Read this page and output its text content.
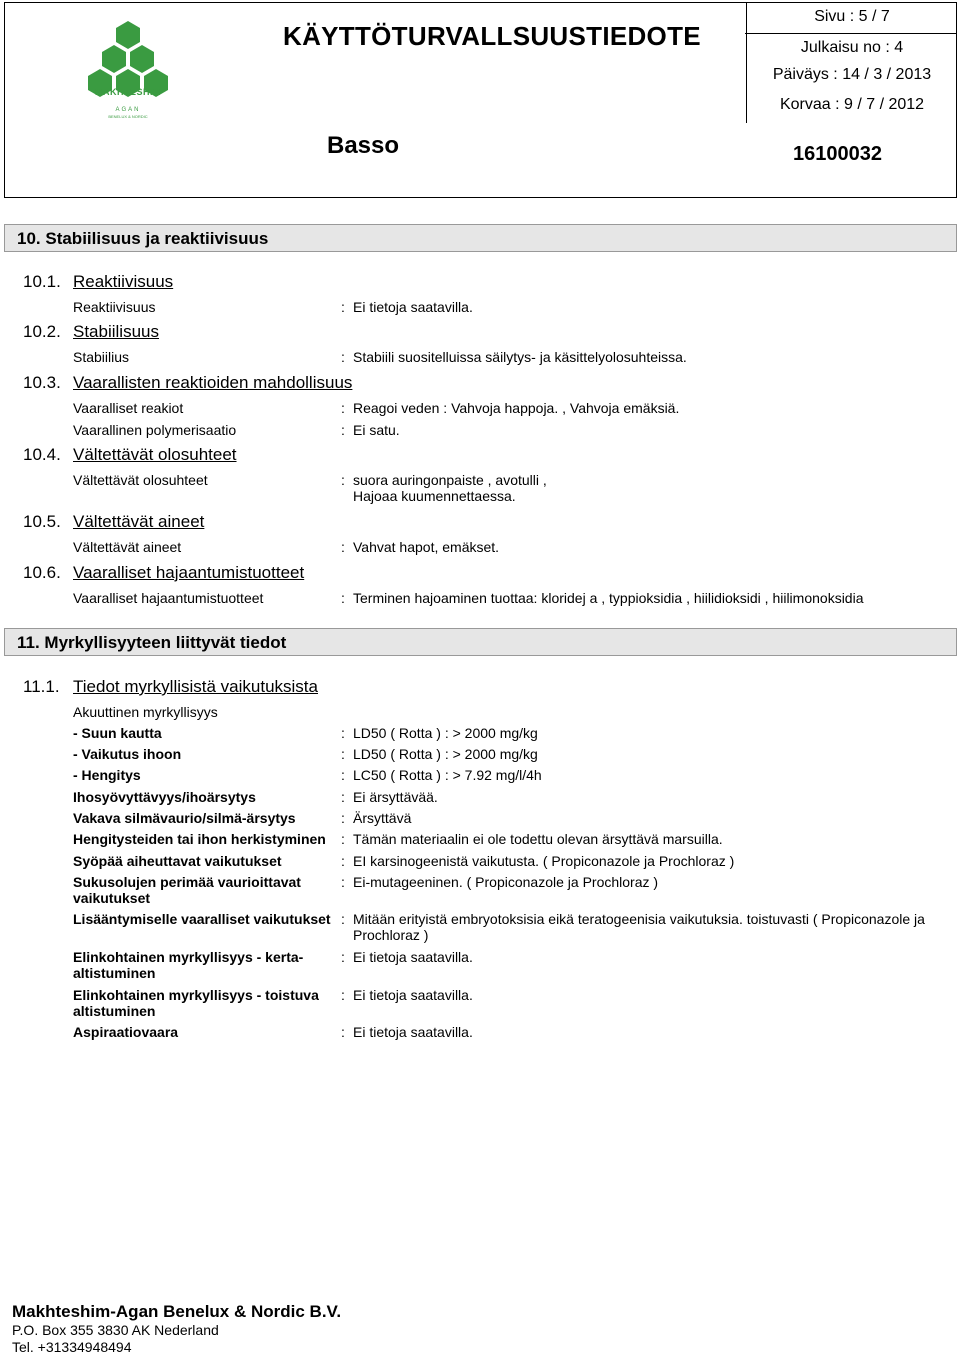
MAKHTESHIM
AGAN
BENELUX & NORDIC
KÄYTTÖTURVALLSUUSTIEDOTE
Basso	16100032
Sivu : 5 / 7
Julkaisu no : 4
Päiväys : 14 / 3 / 2013
Korvaa : 9 / 7 / 2012
10. Stabiilisuus ja reaktiivisuus
10.1. Reaktiivisuus
Reaktiivisuus	: Ei tietoja saatavilla.
10.2. Stabiilisuus
Stabiilius	: Stabiili suositelluissa säilytys- ja käsittelyolosuhteissa.
10.3. Vaarallisten reaktioiden mahdollisuus
Vaaralliset reakiot	: Reagoi veden : Vahvoja happoja. , Vahvoja emäksiä.
Vaarallinen polymerisaatio	: Ei satu.
10.4. Vältettävät olosuhteet
Vältettävät olosuhteet	: suora auringonpaiste , avotulli ,
Hajoaa kuumennettaessa.
10.5. Vältettävät aineet
Vältettävät aineet	: Vahvat hapot, emäkset.
10.6. Vaaralliset hajaantumistuotteet
Vaaralliset hajaantumistuotteet	: Terminen hajoaminen tuottaa: kloridej a , typpioksidia , hiilidioksidi , hiilimonoksidia
11. Myrkyllisyyteen liittyvät tiedot
11.1. Tiedot myrkyllisistä vaikutuksista
Akuuttinen myrkyllisyys
- Suun kautta	: LD50 ( Rotta ) : > 2000 mg/kg
- Vaikutus ihoon	: LD50 ( Rotta ) : > 2000 mg/kg
- Hengitys	: LC50 ( Rotta ) : > 7.92 mg/l/4h
Ihosyövyttävyys/ihoärsytys	: Ei ärsyttävää.
Vakava silmävaurio/silmä-ärsytys	: Ärsyttävä
Hengitysteiden tai ihon herkistyminen : Tämän materiaalin ei ole todettu olevan ärsyttävä marsuilla.
Syöpää aiheuttavat vaikutukset	: EI karsinogeenistä vaikutusta. ( Propiconazole ja Prochloraz )
Sukusolujen perimää vaurioittavat
vaikutukset
: Ei-mutageeninen. ( Propiconazole ja Prochloraz )
Lisääntymiselle vaaralliset vaikutukset : Mitään erityistä embryotoksisia eikä teratogeenisia vaikutuksia. toistuvasti ( Propiconazole ja
Prochloraz )
Elinkohtainen myrkyllisyys - kerta-
altistuminen
: Ei tietoja saatavilla.
Elinkohtainen myrkyllisyys - toistuva
altistuminen
: Ei tietoja saatavilla.
Aspiraatiovaara	: Ei tietoja saatavilla.
Makhteshim-Agan Benelux & Nordic B.V.
P.O. Box 355 3830 AK Nederland
Tel. +31334948494
